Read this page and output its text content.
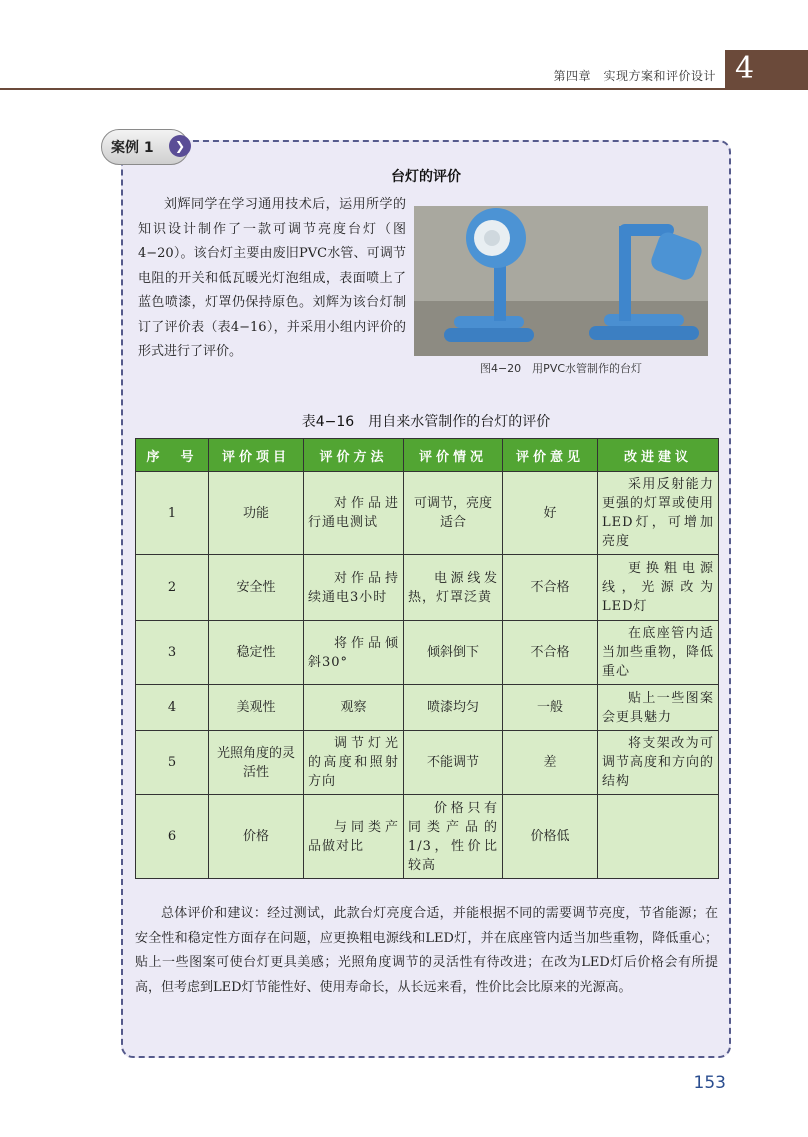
第四章　实现方案和评价设计 4
案例 1	❯
台灯的评价

刘辉同学在学习通用技术后，运用所学的知识设计制作了一款可调节亮度台灯（图4−20）。该台灯主要由废旧PVC水管、可调节电阻的开关和低瓦暖光灯泡组成，表面喷上了蓝色喷漆，灯罩仍保持原色。刘辉为该台灯制订了评价表（表4−16），并采用小组内评价的形式进行了评价。

图4−20　用PVC水管制作的台灯
表4−16　用自来水管制作的台灯的评价
序　号	评价项目	评价方法	评价情况	评价意见	改进建议
1	功能	对作品进行通电测试	可调节，亮度适合	好	采用反射能力更强的灯罩或使用LED灯，可增加亮度
2	安全性	对作品持续通电3小时	电源线发热，灯罩泛黄	不合格	更换粗电源线，光源改为LED灯
3	稳定性	将作品倾斜30°	倾斜倒下	不合格	在底座管内适当加些重物，降低重心
4	美观性	观察	喷漆均匀	一般	贴上一些图案会更具魅力
5	光照角度的灵活性	调节灯光的高度和照射方向	不能调节	差	将支架改为可调节高度和方向的结构
6	价格	与同类产品做对比	价格只有同类产品的1/3，性价比较高	价格低	

总体评价和建议：经过测试，此款台灯亮度合适，并能根据不同的需要调节亮度，节省能源；在安全性和稳定性方面存在问题，应更换粗电源线和LED灯，并在底座管内适当加些重物，降低重心；贴上一些图案可使台灯更具美感；光照角度调节的灵活性有待改进；在改为LED灯后价格会有所提高，但考虑到LED灯节能性好、使用寿命长，从长远来看，性价比会比原来的光源高。

153
